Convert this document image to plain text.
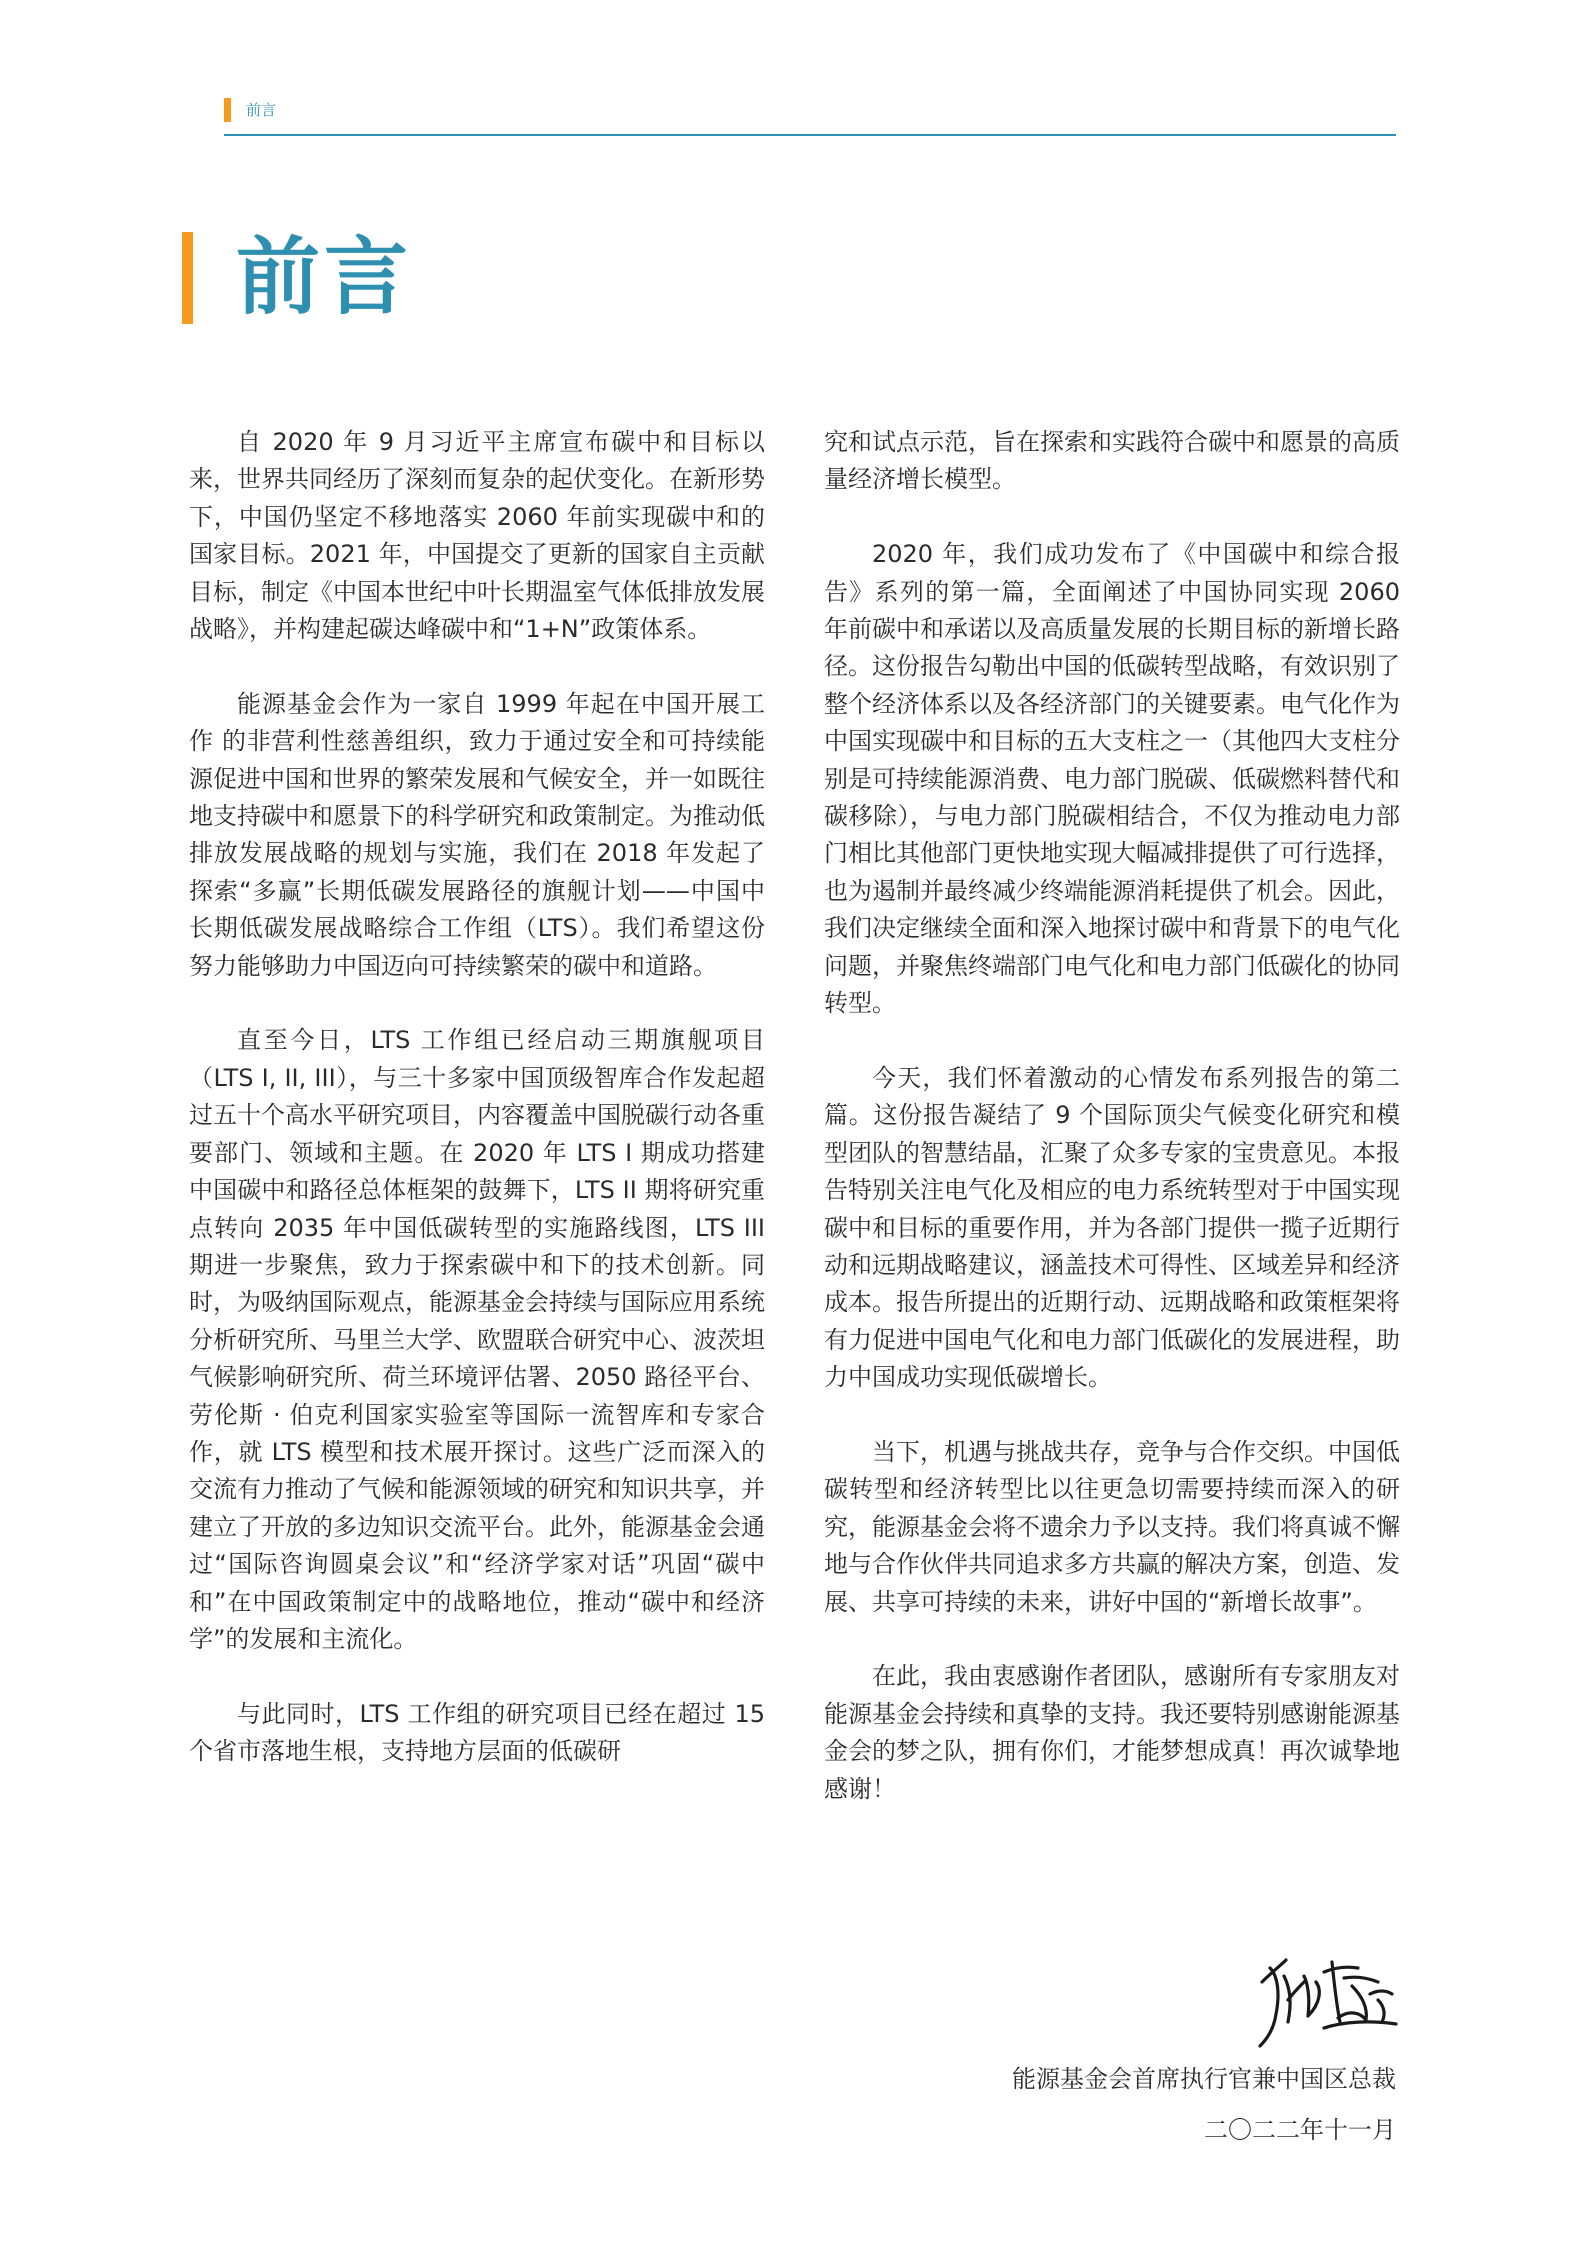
前言
前言

自 2020 年 9 月习近平主席宣布碳中和目标以来，世界共同经历了深刻而复杂的起伏变化。在新形势下，中国仍坚定不移地落实 2060 年前实现碳中和的国家目标。2021 年，中国提交了更新的国家自主贡献目标，制定《中国本世纪中叶长期温室气体低排放发展战略》，并构建起碳达峰碳中和“1+N”政策体系。

能源基金会作为一家自 1999 年起在中国开展工作 的非营利性慈善组织，致力于通过安全和可持续能源促进中国和世界的繁荣发展和气候安全，并一如既往地支持碳中和愿景下的科学研究和政策制定。为推动低排放发展战略的规划与实施，我们在 2018 年发起了探索“多赢”长期低碳发展路径的旗舰计划——中国中长期低碳发展战略综合工作组（LTS）。我们希望这份努力能够助力中国迈向可持续繁荣的碳中和道路。

直至今日，LTS 工作组已经启动三期旗舰项目（LTS I, II, III），与三十多家中国顶级智库合作发起超过五十个高水平研究项目，内容覆盖中国脱碳行动各重要部门、领域和主题。在 2020 年 LTS I 期成功搭建中国碳中和路径总体框架的鼓舞下，LTS II 期将研究重点转向 2035 年中国低碳转型的实施路线图，LTS III 期进一步聚焦，致力于探索碳中和下的技术创新。同时，为吸纳国际观点，能源基金会持续与国际应用系统分析研究所、马里兰大学、欧盟联合研究中心、波茨坦气候影响研究所、荷兰环境评估署、2050 路径平台、劳伦斯 · 伯克利国家实验室等国际一流智库和专家合作，就 LTS 模型和技术展开探讨。这些广泛而深入的交流有力推动了气候和能源领域的研究和知识共享，并建立了开放的多边知识交流平台。此外，能源基金会通过“国际咨询圆桌会议”和“经济学家对话”巩固“碳中和”在中国政策制定中的战略地位，推动“碳中和经济学”的发展和主流化。

与此同时，LTS 工作组的研究项目已经在超过 15 个省市落地生根，支持地方层面的低碳研

究和试点示范，旨在探索和实践符合碳中和愿景的高质量经济增长模型。

2020 年，我们成功发布了《中国碳中和综合报告》系列的第一篇，全面阐述了中国协同实现 2060 年前碳中和承诺以及高质量发展的长期目标的新增长路径。这份报告勾勒出中国的低碳转型战略，有效识别了整个经济体系以及各经济部门的关键要素。电气化作为中国实现碳中和目标的五大支柱之一（其他四大支柱分别是可持续能源消费、电力部门脱碳、低碳燃料替代和碳移除），与电力部门脱碳相结合，不仅为推动电力部门相比其他部门更快地实现大幅减排提供了可行选择，也为遏制并最终减少终端能源消耗提供了机会。因此，我们决定继续全面和深入地探讨碳中和背景下的电气化问题，并聚焦终端部门电气化和电力部门低碳化的协同转型。

今天，我们怀着激动的心情发布系列报告的第二篇。这份报告凝结了 9 个国际顶尖气候变化研究和模型团队的智慧结晶，汇聚了众多专家的宝贵意见。本报告特别关注电气化及相应的电力系统转型对于中国实现碳中和目标的重要作用，并为各部门提供一揽子近期行动和远期战略建议，涵盖技术可得性、区域差异和经济成本。报告所提出的近期行动、远期战略和政策框架将有力促进中国电气化和电力部门低碳化的发展进程，助力中国成功实现低碳增长。

当下，机遇与挑战共存，竞争与合作交织。中国低碳转型和经济转型比以往更急切需要持续而深入的研究，能源基金会将不遗余力予以支持。我们将真诚不懈地与合作伙伴共同追求多方共赢的解决方案，创造、发展、共享可持续的未来，讲好中国的“新增长故事”。

在此，我由衷感谢作者团队，感谢所有专家朋友对能源基金会持续和真挚的支持。我还要特别感谢能源基金会的梦之队，拥有你们，才能梦想成真！再次诚挚地感谢！

能源基金会首席执行官兼中国区总裁
二〇二二年十一月
